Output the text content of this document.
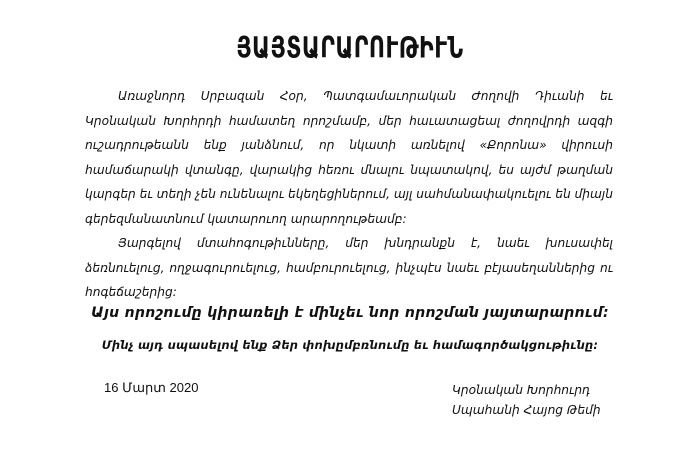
ՅԱՅՏԱՐԱՐՈՒԹԻՒՆ

Առաջնորդ Սրբազան Հօր, Պատգամաւորական Ժողովի Դիւանի եւ Կրօնական Խորհրդի համատեղ որոշմամբ, մեր հաւատացեալ ժողովրդի ազգի ուշադրութեանն ենք յանձնում, որ նկատի առնելով «Քորոնա» վիրուսի համաճարակի վտանգը, վարակից հեռու մնալու նպատակով, ես այժմ թաղման կարգեր եւ տեղի չեն ունենալու եկեղեցիներում, այլ սահմանափակուելու են միայն գերեզմանատնում կատարուող արարողութեամբ:

Յարգելով մտահոգութիւնները, մեր խնդրանքն է, նաեւ խուսափել ձեռնուելուց, ողջագուրուելուց, համբուրուելուց, ինչպէս նաեւ բէյասեղաններից ու հոգեճաշերից:

Այս որոշումը կիրառելի է մինչեւ նոր որոշման յայտարարում:
Մինչ այդ սպասելով ենք Ձեր փոխըմբռնումը եւ համագործակցութիւնը:
16 Մարտ 2020	Կրօնական Խորհուրդ
Սպահանի Հայոց Թեմի
